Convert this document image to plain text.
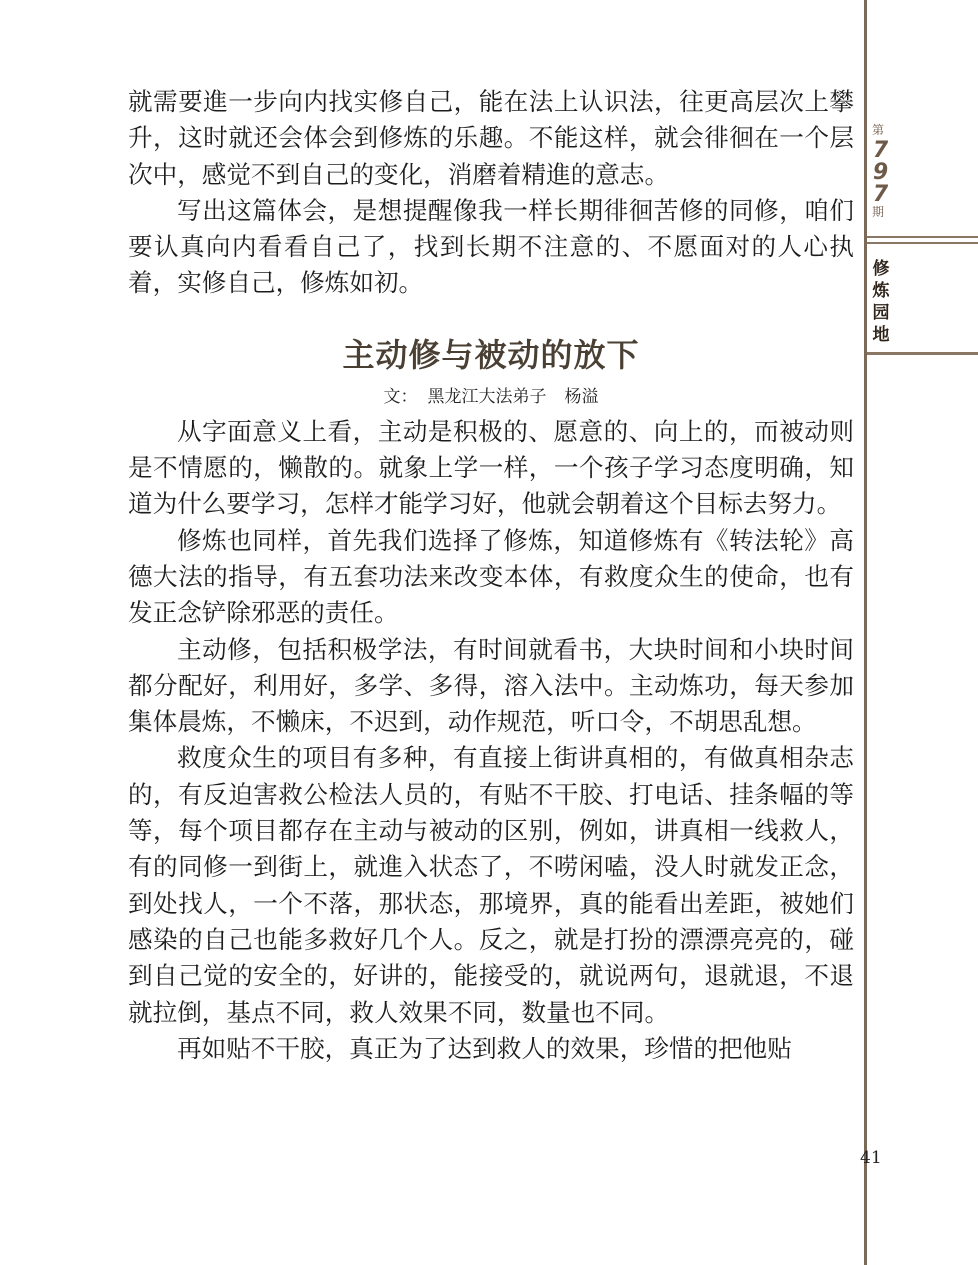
第
797
期
修
炼
园
地

就需要進一步向内找实修自己，能在法上认识法，往更高层次上攀升，这时就还会体会到修炼的乐趣。不能这样，就会徘徊在一个层次中，感觉不到自己的变化，消磨着精進的意志。

写出这篇体会，是想提醒像我一样长期徘徊苦修的同修，咱们要认真向内看看自己了，找到长期不注意的、不愿面对的人心执着，实修自己，修炼如初。

主动修与被动的放下
文： 黑龙江大法弟子 杨溢

从字面意义上看，主动是积极的、愿意的、向上的，而被动则是不情愿的，懒散的。就象上学一样，一个孩子学习态度明确，知道为什么要学习，怎样才能学习好，他就会朝着这个目标去努力。

修炼也同样，首先我们选择了修炼，知道修炼有《转法轮》高德大法的指导，有五套功法来改变本体，有救度众生的使命，也有发正念铲除邪恶的责任。

主动修，包括积极学法，有时间就看书，大块时间和小块时间都分配好，利用好，多学、多得，溶入法中。主动炼功，每天参加集体晨炼，不懒床，不迟到，动作规范，听口令，不胡思乱想。

救度众生的项目有多种，有直接上街讲真相的，有做真相杂志的，有反迫害救公检法人员的，有贴不干胶、打电话、挂条幅的等等，每个项目都存在主动与被动的区别，例如，讲真相一线救人，有的同修一到街上，就進入状态了，不唠闲嗑，没人时就发正念，到处找人，一个不落，那状态，那境界，真的能看出差距，被她们感染的自己也能多救好几个人。反之，就是打扮的漂漂亮亮的，碰到自己觉的安全的，好讲的，能接受的，就说两句，退就退，不退就拉倒，基点不同，救人效果不同，数量也不同。

再如贴不干胶，真正为了达到救人的效果，珍惜的把他贴

41
